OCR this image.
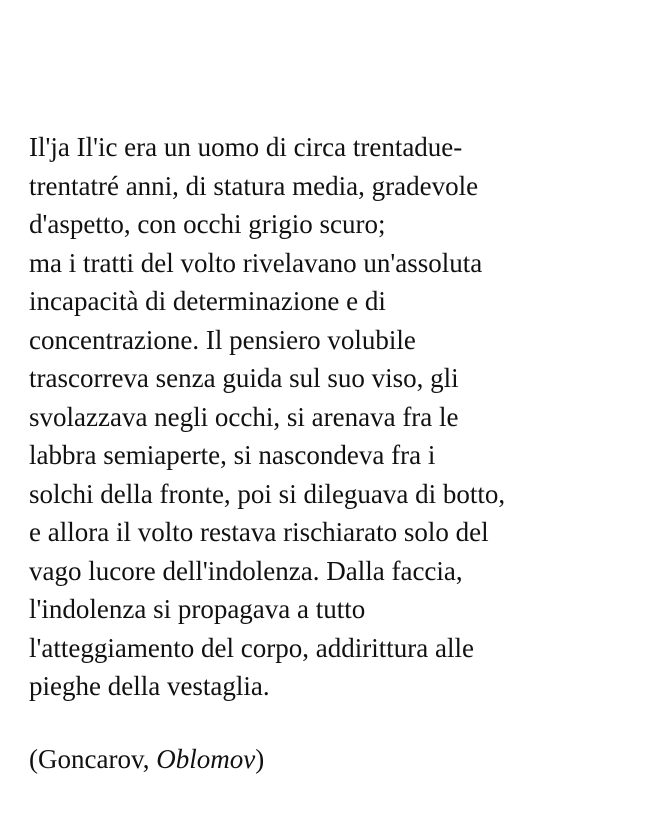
Il'ja Il'ic era un uomo di circa trentadue-
trentatré anni, di statura media, gradevole
d'aspetto, con occhi grigio scuro;
ma i tratti del volto rivelavano un'assoluta
incapacità di determinazione e di
concentrazione. Il pensiero volubile
trascorreva senza guida sul suo viso, gli
svolazzava negli occhi, si arenava fra le
labbra semiaperte, si nascondeva fra i
solchi della fronte, poi si dileguava di botto,
e allora il volto restava rischiarato solo del
vago lucore dell'indolenza. Dalla faccia,
l'indolenza si propagava a tutto
l'atteggiamento del corpo, addirittura alle
pieghe della vestaglia.
(Goncarov, Oblomov)
